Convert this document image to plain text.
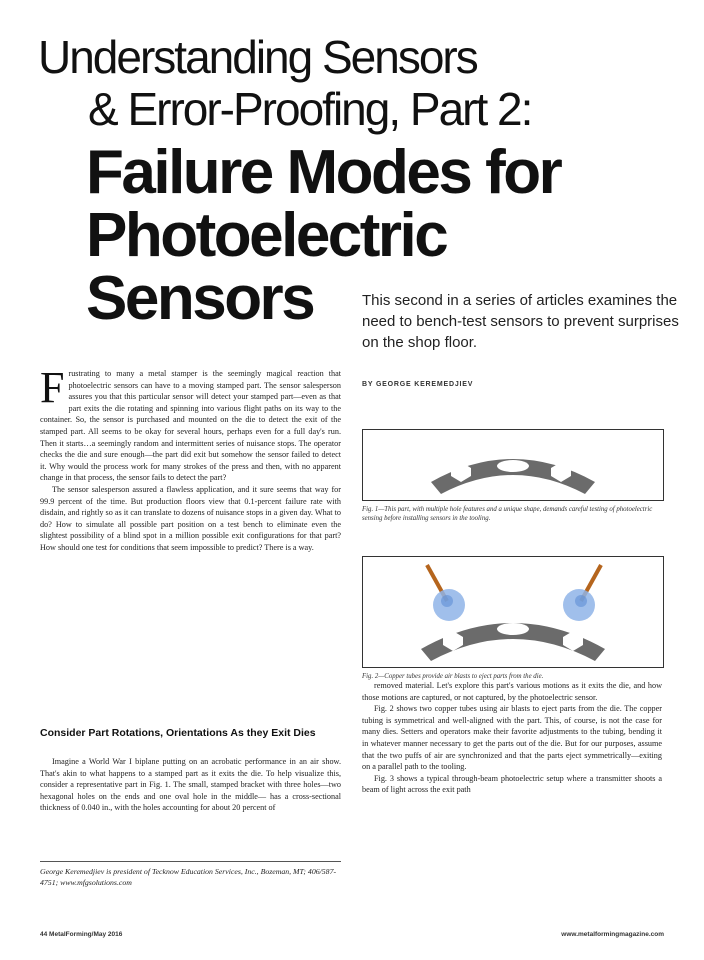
Understanding Sensors
& Error-Proofing, Part 2:
Failure Modes for
Photoelectric
Sensors	This second in a series of articles examines the need to bench-test sensors to prevent surprises on the shop floor.
BY GEORGE KEREMEDJIEV

Frustrating to many a metal stamper is the seemingly magical reaction that photoelectric sensors can have to a moving stamped part. The sensor salesperson assures you that this particular sensor will detect your stamped part—even as that part exits the die rotating and spinning into various flight paths on its way to the container. So, the sensor is purchased and mounted on the die to detect the exit of the stamped part. All seems to be okay for several hours, perhaps even for a full day's run. Then it starts…a seemingly random and intermittent series of nuisance stops. The operator checks the die and sure enough—the part did exit but somehow the sensor failed to detect it. Why would the process work for many strokes of the press and then, with no apparent change in that process, the sensor fails to detect the part?

The sensor salesperson assured a flawless application, and it sure seems that way for 99.9 percent of the time. But production floors view that 0.1-percent failure rate with disdain, and rightly so as it can translate to dozens of nuisance stops in a given day. What to do? How to simulate all possible part position on a test bench to eliminate even the slightest possibility of a blind spot in a million possible exit configurations for that part? How should one test for conditions that seem impossible to predict? There is a way.

Consider Part Rotations, Orientations As they Exit Dies

Imagine a World War I biplane putting on an acrobatic performance in an air show. That's akin to what happens to a stamped part as it exits the die. To help visualize this, consider a representative part in Fig. 1. The small, stamped bracket with three holes—two hexagonal holes on the ends and one oval hole in the middle— has a cross-sectional thickness of 0.040 in., with the holes accounting for about 20 percent of

George Keremedjiev is president of Tecknow Education Services, Inc., Bozeman, MT; 406/587-4751; www.mfgsolutions.com
Fig. 1—This part, with multiple hole features and a unique shape, demands careful testing of photoelectric sensing before installing sensors in the tooling.
Fig. 2—Copper tubes provide air blasts to eject parts from the die.

removed material. Let's explore this part's various motions as it exits the die, and how those motions are captured, or not captured, by the photoelectric sensor.

Fig. 2 shows two copper tubes using air blasts to eject parts from the die. The copper tubing is symmetrical and well-aligned with the part. This, of course, is not the case for many dies. Setters and operators make their favorite adjustments to the tubing, bending it in whatever manner necessary to get the parts out of the die. But for our purposes, assume that the two puffs of air are synchronized and that the parts eject symmetrically—exiting on a parallel path to the tooling.

Fig. 3 shows a typical through-beam photoelectric setup where a transmitter shoots a beam of light across the exit path

44 MetalForming/May 2016	www.metalformingmagazine.com
